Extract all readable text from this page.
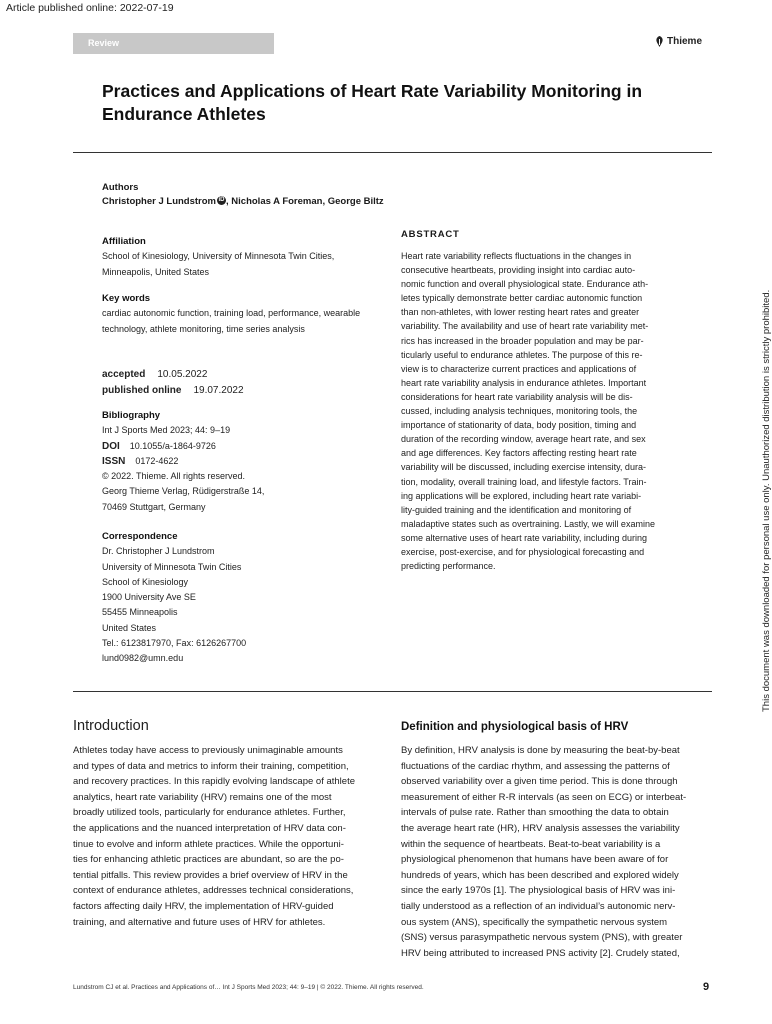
Article published online: 2022-07-19
Review	Thieme
Practices and Applications of Heart Rate Variability Monitoring in Endurance Athletes
Authors
Christopher J Lundstrom iD , Nicholas A Foreman, George Biltz
Affiliation
School of Kinesiology, University of Minnesota Twin Cities, Minneapolis, United States
Key words
cardiac autonomic function, training load, performance, wearable technology, athlete monitoring, time series analysis
accepted 10.05.2022
published online 19.07.2022
Bibliography
Int J Sports Med 2023; 44: 9–19
DOI 10.1055/a-1864-9726
ISSN 0172-4622
© 2022. Thieme. All rights reserved.
Georg Thieme Verlag, Rüdigerstraße 14,
70469 Stuttgart, Germany
Correspondence
Dr. Christopher J Lundstrom
University of Minnesota Twin Cities
School of Kinesiology
1900 University Ave SE
55455 Minneapolis
United States
Tel.: 6123817970, Fax: 6126267700
lund0982@umn.edu
ABSTRACT
Heart rate variability reflects fluctuations in the changes in
consecutive heartbeats, providing insight into cardiac auto-
nomic function and overall physiological state. Endurance ath-
letes typically demonstrate better cardiac autonomic function
than non-athletes, with lower resting heart rates and greater
variability. The availability and use of heart rate variability met-
rics has increased in the broader population and may be par-
ticularly useful to endurance athletes. The purpose of this re-
view is to characterize current practices and applications of
heart rate variability analysis in endurance athletes. Important
considerations for heart rate variability analysis will be dis-
cussed, including analysis techniques, monitoring tools, the
importance of stationarity of data, body position, timing and
duration of the recording window, average heart rate, and sex
and age differences. Key factors affecting resting heart rate
variability will be discussed, including exercise intensity, dura-
tion, modality, overall training load, and lifestyle factors. Train-
ing applications will be explored, including heart rate variabi-
lity-guided training and the identification and monitoring of
maladaptive states such as overtraining. Lastly, we will examine
some alternative uses of heart rate variability, including during
exercise, post-exercise, and for physiological forecasting and
predicting performance.	This document was downloaded for personal use only. Unauthorized distribution is strictly prohibited.
Introduction
Athletes today have access to previously unimaginable amounts
and types of data and metrics to inform their training, competition,
and recovery practices. In this rapidly evolving landscape of athlete
analytics, heart rate variability (HRV) remains one of the most
broadly utilized tools, particularly for endurance athletes. Further,
the applications and the nuanced interpretation of HRV data con-
tinue to evolve and inform athlete practices. While the opportuni-
ties for enhancing athletic practices are abundant, so are the po-
tential pitfalls. This review provides a brief overview of HRV in the
context of endurance athletes, addresses technical considerations,
factors affecting daily HRV, the implementation of HRV-guided
training, and alternative and future uses of HRV for athletes.
Definition and physiological basis of HRV
By definition, HRV analysis is done by measuring the beat-by-beat
fluctuations of the cardiac rhythm, and assessing the patterns of
observed variability over a given time period. This is done through
measurement of either R-R intervals (as seen on ECG) or interbeat-
intervals of pulse rate. Rather than smoothing the data to obtain
the average heart rate (HR), HRV analysis assesses the variability
within the sequence of heartbeats. Beat-to-beat variability is a
physiological phenomenon that humans have been aware of for
hundreds of years, which has been described and explored widely
since the early 1970s [1]. The physiological basis of HRV was ini-
tially understood as a reflection of an individual’s autonomic nerv-
ous system (ANS), specifically the sympathetic nervous system
(SNS) versus parasympathetic nervous system (PNS), with greater
HRV being attributed to increased PNS activity [2]. Crudely stated,
Lundstrom CJ et al. Practices and Applications of… Int J Sports Med 2023; 44: 9–19 | © 2022. Thieme. All rights reserved.	9
